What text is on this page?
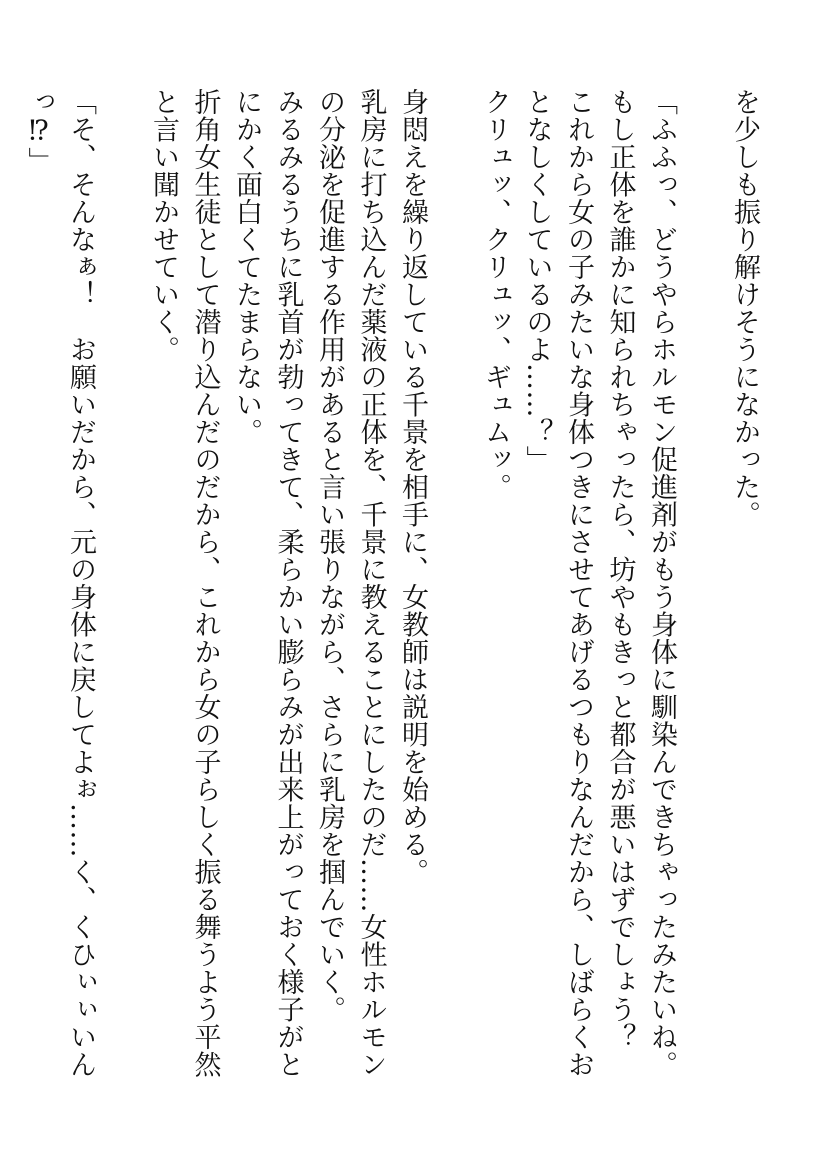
を少しも振り解けそうになかった。

「ふふっ、どうやらホルモン促進剤がもう身体に馴染んできちゃったみたいね。もし正体を誰かに知られちゃったら、坊やもきっと都合が悪いはずでしょう？　これから女の子みたいな身体つきにさせてあげるつもりなんだから、しばらくおとなしくしているのよ……？」

クリュッ、クリュッ、ギュムッ。

身悶えを繰り返している千景を相手に、女教師は説明を始める。

乳房に打ち込んだ薬液の正体を、千景に教えることにしたのだ……女性ホルモンの分泌を促進する作用があると言い張りながら、さらに乳房を掴んでいく。

みるみるうちに乳首が勃ってきて、柔らかい膨らみが出来上がっておく様子がとにかく面白くてたまらない。

折角女生徒として潜り込んだのだから、これから女の子らしく振る舞うよう平然と言い聞かせていく。

「そ、そんなぁ！　お願いだから、元の身体に戻してよぉ……く、くひぃぃいんっ⁉」
